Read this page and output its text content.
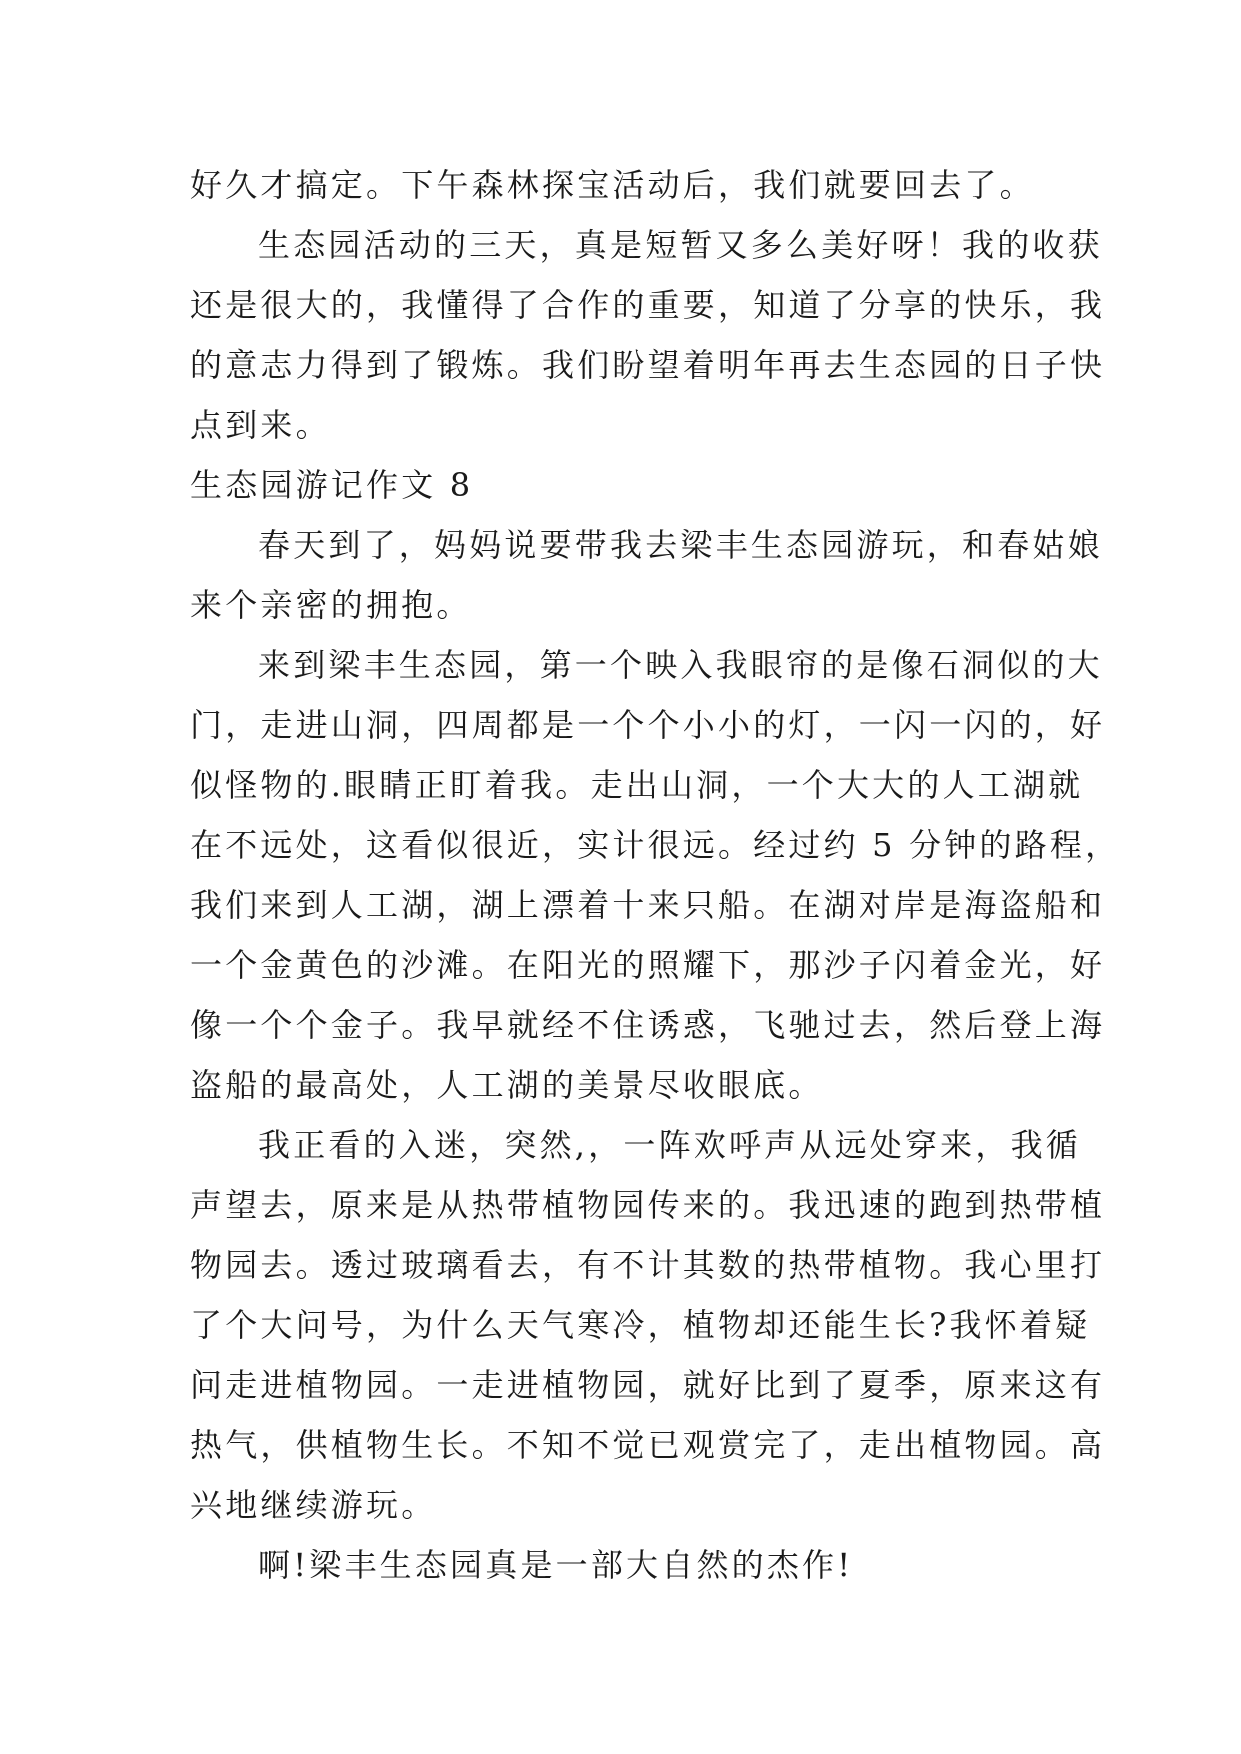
好久才搞定。下午森林探宝活动后，我们就要回去了。
生态园活动的三天，真是短暂又多么美好呀！我的收获
还是很大的，我懂得了合作的重要，知道了分享的快乐，我
的意志力得到了锻炼。我们盼望着明年再去生态园的日子快
点到来。
生态园游记作文 8
春天到了，妈妈说要带我去梁丰生态园游玩，和春姑娘
来个亲密的拥抱。
来到梁丰生态园，第一个映入我眼帘的是像石洞似的大
门，走进山洞，四周都是一个个小小的灯，一闪一闪的，好
似怪物的.眼睛正盯着我。走出山洞，一个大大的人工湖就
在不远处，这看似很近，实计很远。经过约 5 分钟的路程，
我们来到人工湖，湖上漂着十来只船。在湖对岸是海盗船和
一个金黄色的沙滩。在阳光的照耀下，那沙子闪着金光，好
像一个个金子。我早就经不住诱惑，飞驰过去，然后登上海
盗船的最高处，人工湖的美景尽收眼底。
我正看的入迷，突然,，一阵欢呼声从远处穿来，我循
声望去，原来是从热带植物园传来的。我迅速的跑到热带植
物园去。透过玻璃看去，有不计其数的热带植物。我心里打
了个大问号，为什么天气寒冷，植物却还能生长?我怀着疑
问走进植物园。一走进植物园，就好比到了夏季，原来这有
热气，供植物生长。不知不觉已观赏完了，走出植物园。高
兴地继续游玩。
啊!梁丰生态园真是一部大自然的杰作!
